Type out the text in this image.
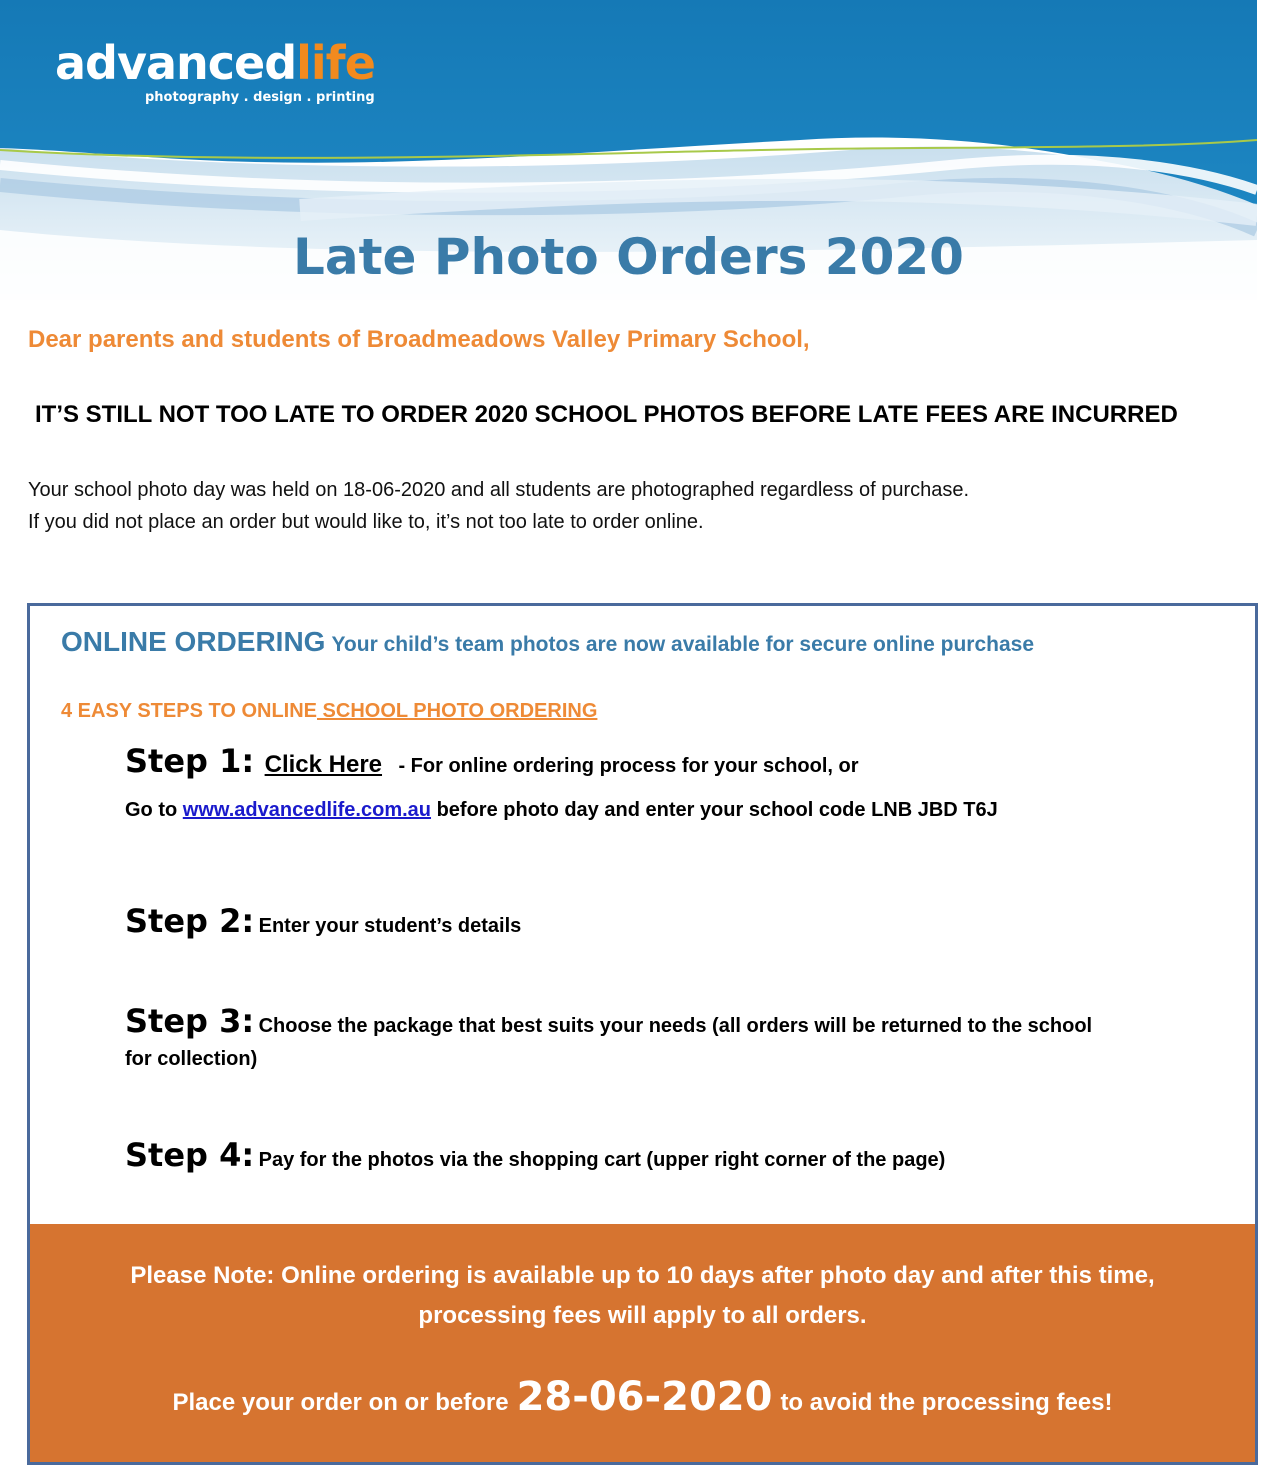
advancedlife
photography . design . printing
Late Photo Orders 2020
Dear parents and students of Broadmeadows Valley Primary School,
IT’S STILL NOT TOO LATE TO ORDER 2020 SCHOOL PHOTOS BEFORE LATE FEES ARE INCURRED
Your school photo day was held on 18-06-2020 and all students are photographed regardless of purchase.
If you did not place an order but would like to, it’s not too late to order online.
ONLINE ORDERING Your child’s team photos are now available for secure online purchase
4 EASY STEPS TO ONLINE SCHOOL PHOTO ORDERING
Step 1: Click Here - For online ordering process for your school, or
Go to www.advancedlife.com.au before photo day and enter your school code LNB JBD T6J
Step 2: Enter your student’s details
Step 3: Choose the package that best suits your needs (all orders will be returned to the school
for collection)
Step 4: Pay for the photos via the shopping cart (upper right corner of the page)
Please Note: Online ordering is available up to 10 days after photo day and after this time,
processing fees will apply to all orders.
Place your order on or before 28-06-2020 to avoid the processing fees!
